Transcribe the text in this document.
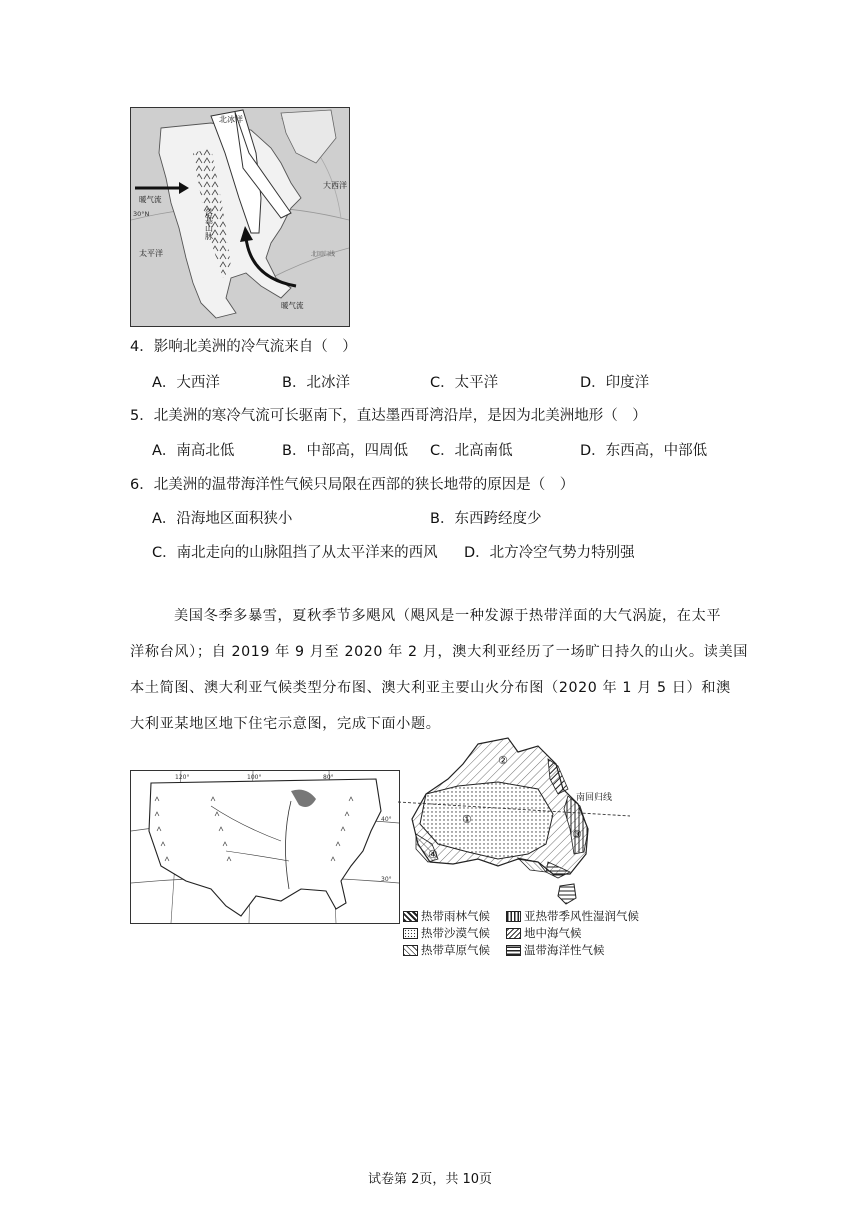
北冰洋
大西洋
太平洋
暖气流
暖气流
30°N
北回归线
落基山脉
4．影响北美洲的冷气流来自（　）
A．大西洋	B．北冰洋	C．太平洋	D．印度洋
5．北美洲的寒冷气流可长驱南下，直达墨西哥湾沿岸，是因为北美洲地形（　）
A．南高北低	B．中部高，四周低 C．北高南低	D．东西高，中部低
6．北美洲的温带海洋性气候只局限在西部的狭长地带的原因是（　）
A．沿海地区面积狭小	B．东西跨经度少
C．南北走向的山脉阻挡了从太平洋来的西风 D．北方冷空气势力特别强
美国冬季多暴雪，夏秋季节多飓风（飓风是一种发源于热带洋面的大气涡旋，在太平
洋称台风）；自 2019 年 9 月至 2020 年 2 月，澳大利亚经历了一场旷日持久的山火。读美国
本土简图、澳大利亚气候类型分布图、澳大利亚主要山火分布图（2020 年 1 月 5 日）和澳
大利亚某地区地下住宅示意图，完成下面小题。
120°	100°	80°
40°
30°
南回归线
①
②
③
④
热带雨林气候	亚热带季风性湿润气候
热带沙漠气候	地中海气候
热带草原气候	温带海洋性气候
试卷第 2页，共 10页
